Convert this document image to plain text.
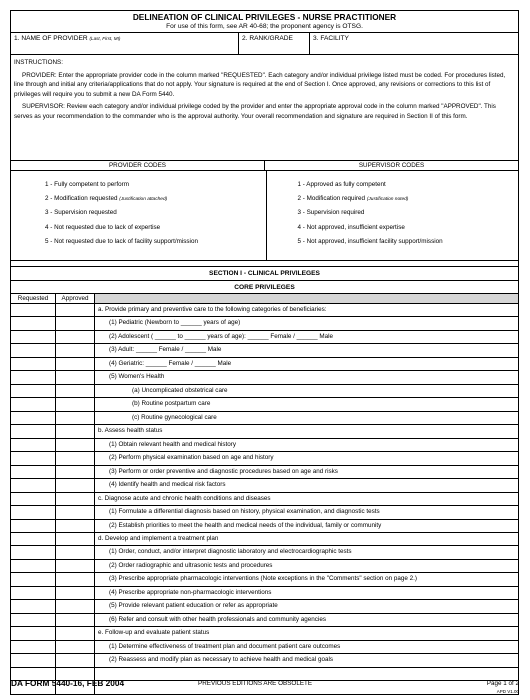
DELINEATION OF CLINICAL PRIVILEGES - NURSE PRACTITIONER
For use of this form, see AR 40-68; the proponent agency is OTSG.
1. NAME OF PROVIDER (Last, First, MI)	2. RANK/GRADE	3. FACILITY

INSTRUCTIONS:

PROVIDER: Enter the appropriate provider code in the column marked "REQUESTED". Each category and/or individual privilege listed must be coded. For procedures listed, line through and initial any criteria/applications that do not apply. Your signature is required at the end of Section I. Once approved, any revisions or corrections to this list of privileges will require you to submit a new DA Form 5440.

SUPERVISOR: Review each category and/or individual privilege coded by the provider and enter the appropriate approval code in the column marked "APPROVED". This serves as your recommendation to the commander who is the approval authority. Your overall recommendation and signature are required in Section II of this form.

PROVIDER CODES	SUPERVISOR CODES
1 - Fully competent to perform
2 - Modification requested (Justification attached)
3 - Supervision requested
4 - Not requested due to lack of expertise
5 - Not requested due to lack of facility support/mission
1 - Approved as fully competent
2 - Modification required (Justification noted)
3 - Supervision required
4 - Not approved, insufficient expertise
5 - Not approved, insufficient facility support/mission
SECTION I - CLINICAL PRIVILEGES
CORE PRIVILEGES
Requested	Approved
a. Provide primary and preventive care to the following categories of beneficiaries:
(1) Pediatric (Newborn to ______ years of age)
(2) Adolescent ( ______ to ______ years of age): ______ Female / ______ Male
(3) Adult: ______ Female / ______ Male
(4) Geriatric: ______ Female / ______ Male
(5) Women's Health
(a) Uncomplicated obstetrical care
(b) Routine postpartum care
(c) Routine gynecological care
b. Assess health status
(1) Obtain relevant health and medical history
(2) Perform physical examination based on age and history
(3) Perform or order preventive and diagnostic procedures based on age and risks
(4) Identify health and medical risk factors
c. Diagnose acute and chronic health conditions and diseases
(1) Formulate a differential diagnosis based on history, physical examination, and diagnostic tests
(2) Establish priorities to meet the health and medical needs of the individual, family or community
d. Develop and implement a treatment plan
(1) Order, conduct, and/or interpret diagnostic laboratory and electrocardiographic tests
(2) Order radiographic and ultrasonic tests and procedures
(3) Prescribe appropriate pharmacologic interventions (Note exceptions in the "Comments" section on page 2.)
(4) Prescribe appropriate non-pharmacologic interventions
(5) Provide relevant patient education or refer as appropriate
(6) Refer and consult with other health professionals and community agencies
e. Follow-up and evaluate patient status
(1) Determine effectiveness of treatment plan and document patient care outcomes
(2) Reassess and modify plan as necessary to achieve health and medical goals
DA FORM 5440-16, FEB 2004	PREVIOUS EDITIONS ARE OBSOLETE	Page 1 of 2
APD V1.00
